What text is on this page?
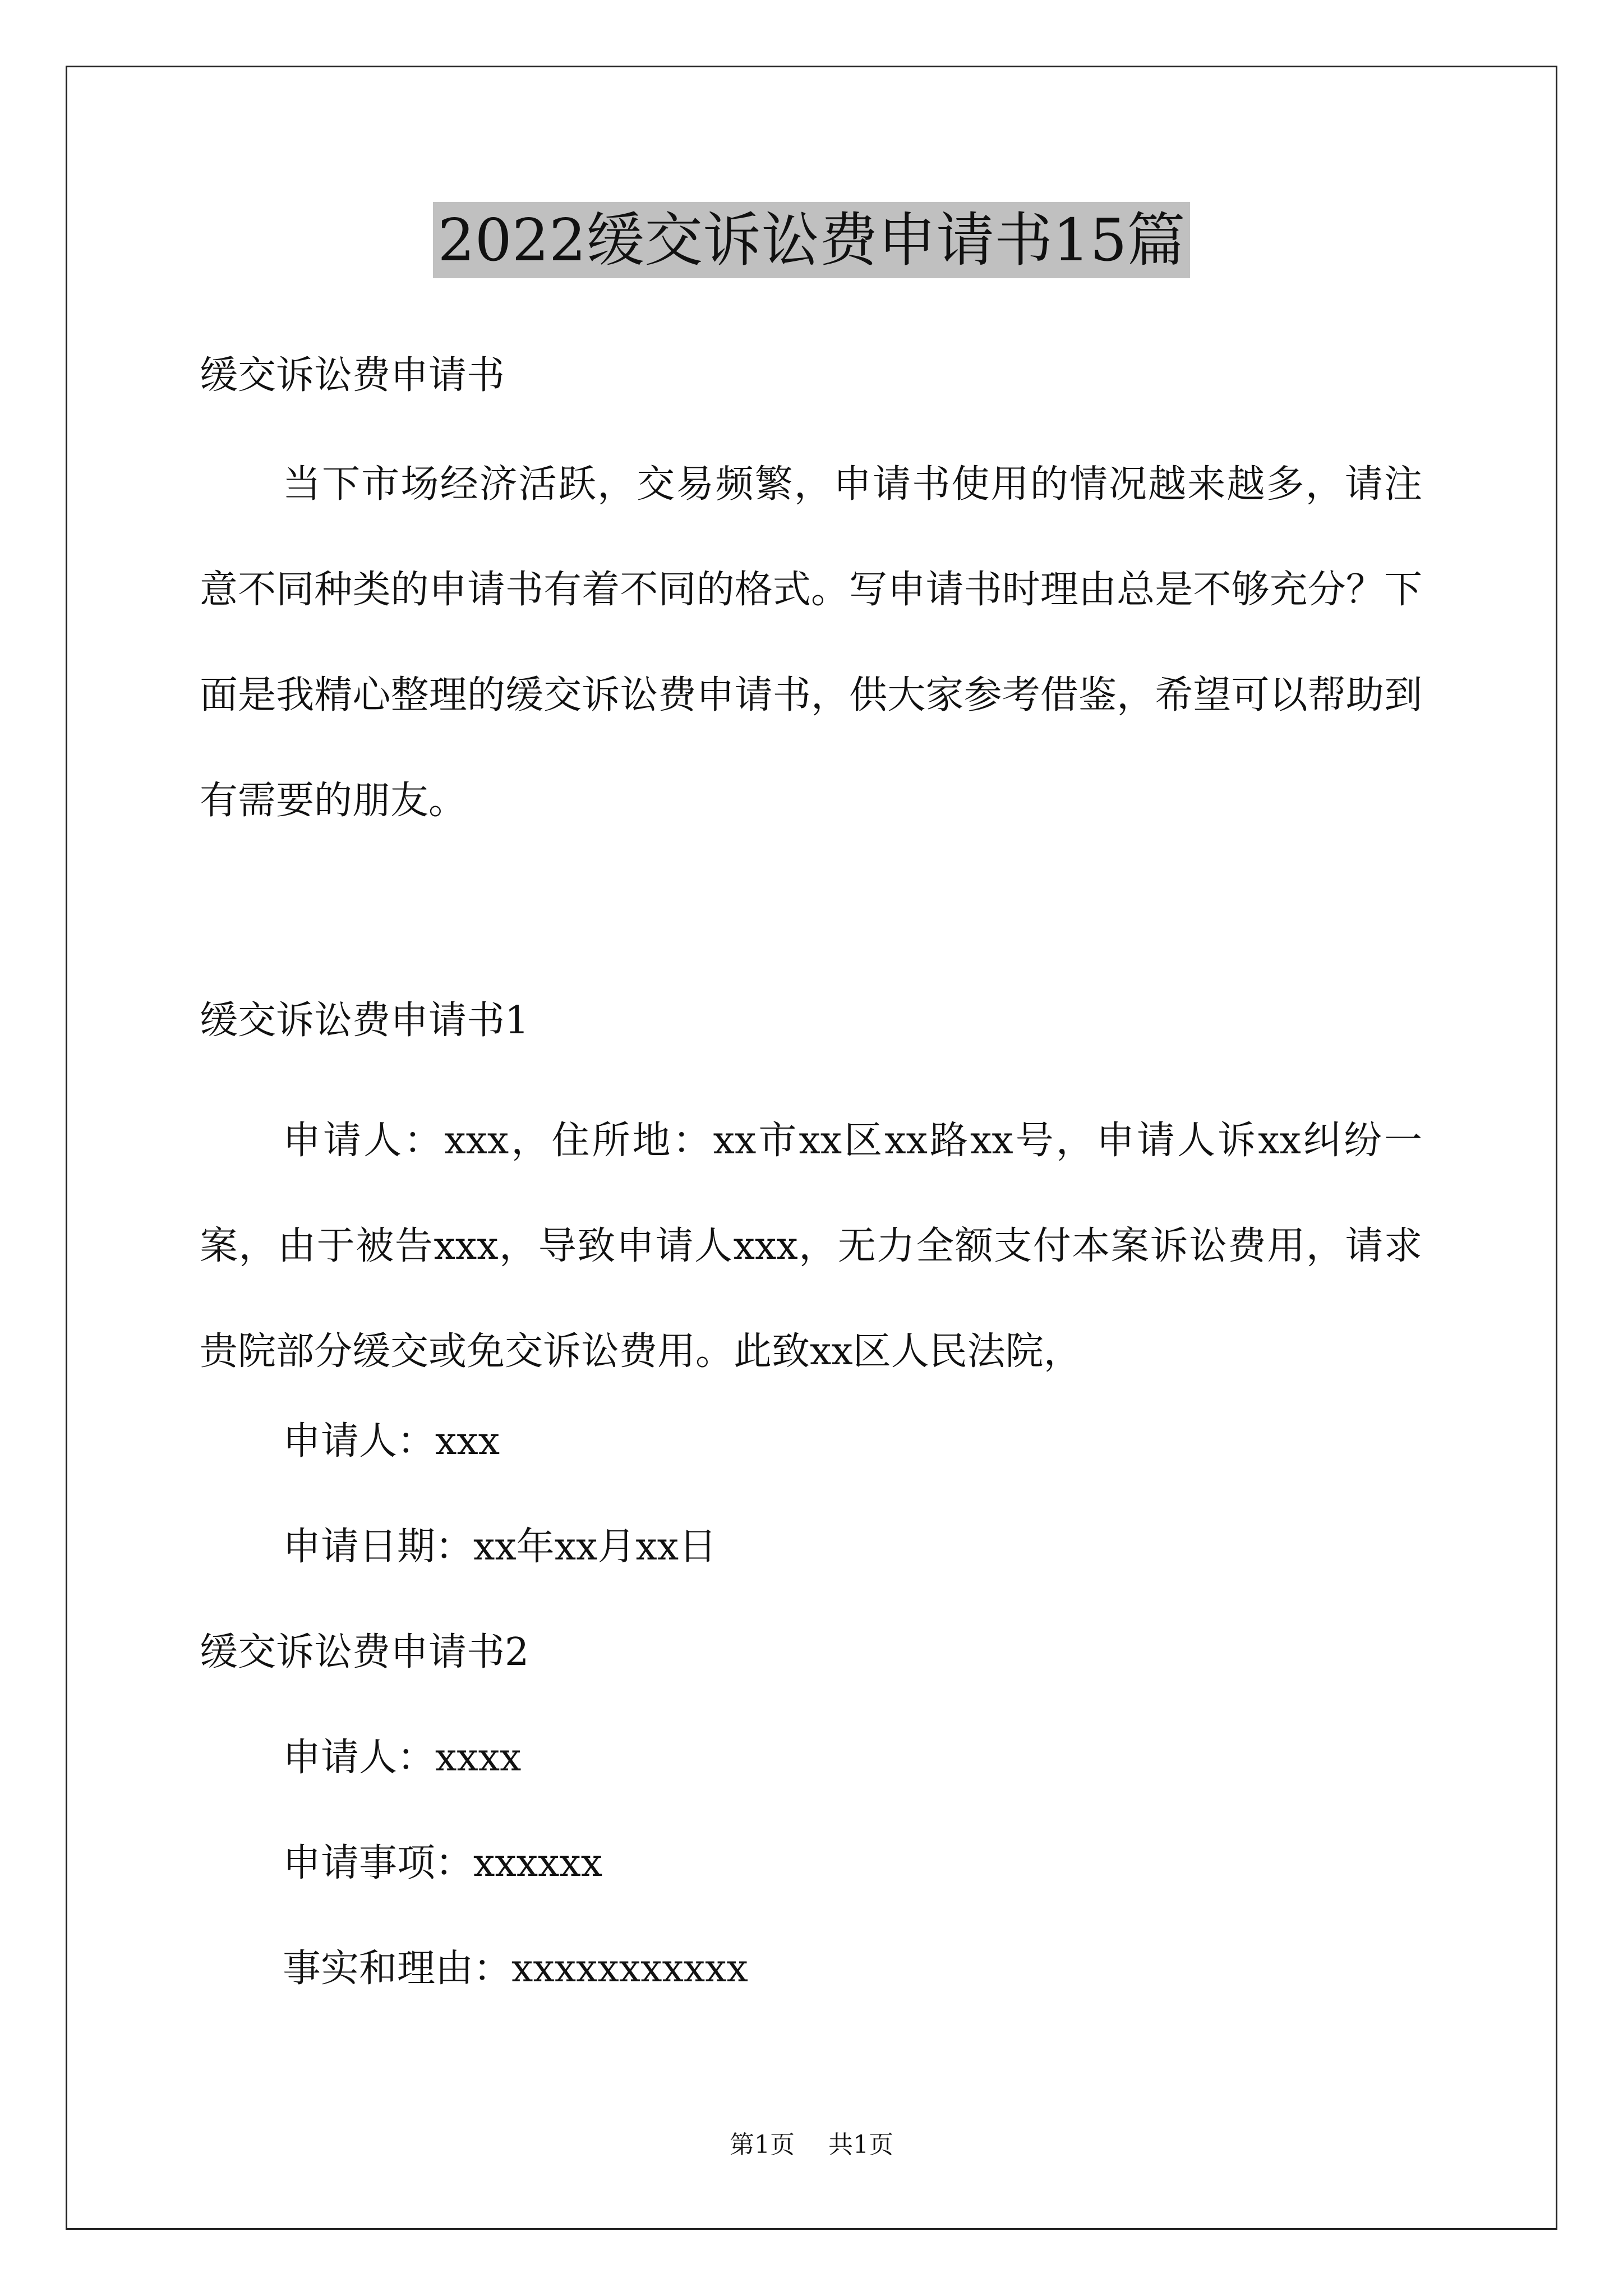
2022缓交诉讼费申请书15篇
缓交诉讼费申请书

当下市场经济活跃，交易频繁，申请书使用的情况越来越多，请注意不同种类的申请书有着不同的格式。写申请书时理由总是不够充分？下面是我精心整理的缓交诉讼费申请书，供大家参考借鉴，希望可以帮助到有需要的朋友。

缓交诉讼费申请书1

申请人：xxx，住所地：xx市xx区xx路xx号，申请人诉xx纠纷一案，由于被告xxx，导致申请人xxx，无力全额支付本案诉讼费用，请求贵院部分缓交或免交诉讼费用。此致xx区人民法院，

申请人：xxx
申请日期：xx年xx月xx日
缓交诉讼费申请书2
申请人：xxxx
申请事项：xxxxxx
事实和理由：xxxxxxxxxxx
第1页 共1页
